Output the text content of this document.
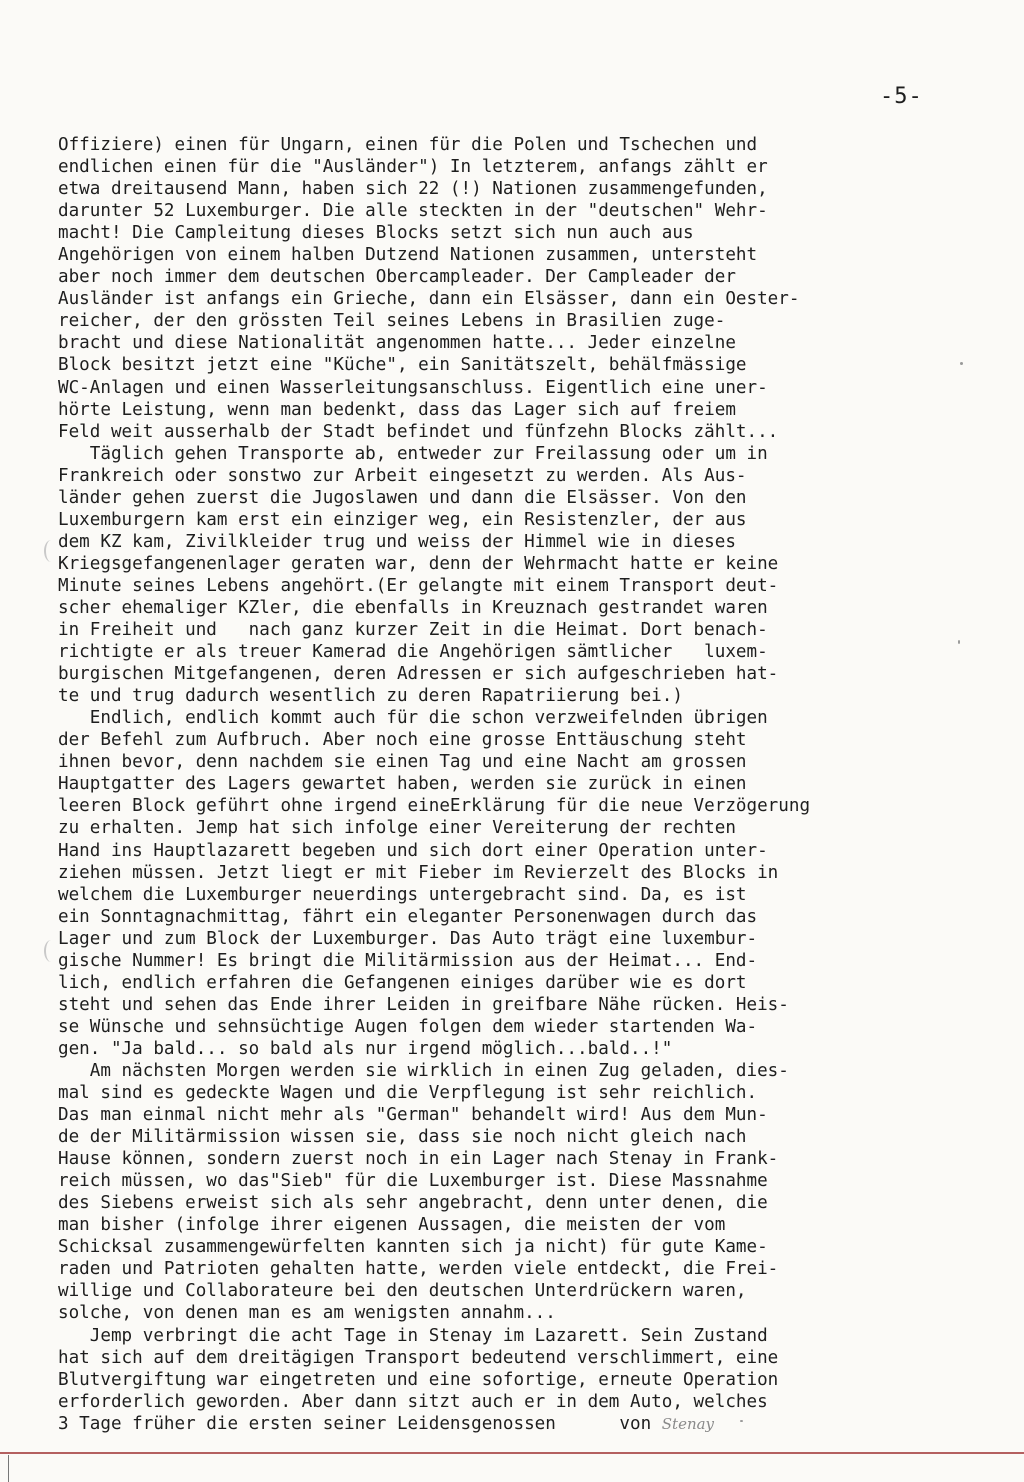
-5-
Offiziere) einen für Ungarn, einen für die Polen und Tschechen und
endlichen einen für die "Ausländer") In letzterem, anfangs zählt er
etwa dreitausend Mann, haben sich 22 (!) Nationen zusammengefunden,
darunter 52 Luxemburger. Die alle steckten in der "deutschen" Wehr-
macht! Die Campleitung dieses Blocks setzt sich nun auch aus
Angehörigen von einem halben Dutzend Nationen zusammen, untersteht
aber noch immer dem deutschen Obercampleader. Der Campleader der
Ausländer ist anfangs ein Grieche, dann ein Elsässer, dann ein Oester-
reicher, der den grössten Teil seines Lebens in Brasilien zuge-
bracht und diese Nationalität angenommen hatte... Jeder einzelne
Block besitzt jetzt eine "Küche", ein Sanitätszelt, behälfmässige
WC-Anlagen und einen Wasserleitungsanschluss. Eigentlich eine uner-
hörte Leistung, wenn man bedenkt, dass das Lager sich auf freiem
Feld weit ausserhalb der Stadt befindet und fünfzehn Blocks zählt...
Täglich gehen Transporte ab, entweder zur Freilassung oder um in
Frankreich oder sonstwo zur Arbeit eingesetzt zu werden. Als Aus-
länder gehen zuerst die Jugoslawen und dann die Elsässer. Von den
Luxemburgern kam erst ein einziger weg, ein Resistenzler, der aus
dem KZ kam, Zivilkleider trug und weiss der Himmel wie in dieses
Kriegsgefangenenlager geraten war, denn der Wehrmacht hatte er keine
Minute seines Lebens angehört.(Er gelangte mit einem Transport deut-
scher ehemaliger KZler, die ebenfalls in Kreuznach gestrandet waren
in Freiheit und   nach ganz kurzer Zeit in die Heimat. Dort benach-
richtigte er als treuer Kamerad die Angehörigen sämtlicher   luxem-
burgischen Mitgefangenen, deren Adressen er sich aufgeschrieben hat-
te und trug dadurch wesentlich zu deren Rapatriierung bei.)
Endlich, endlich kommt auch für die schon verzweifelnden übrigen
der Befehl zum Aufbruch. Aber noch eine grosse Enttäuschung steht
ihnen bevor, denn nachdem sie einen Tag und eine Nacht am grossen
Hauptgatter des Lagers gewartet haben, werden sie zurück in einen
leeren Block geführt ohne irgend eineErklärung für die neue Verzögerung
zu erhalten. Jemp hat sich infolge einer Vereiterung der rechten
Hand ins Hauptlazarett begeben und sich dort einer Operation unter-
ziehen müssen. Jetzt liegt er mit Fieber im Revierzelt des Blocks in
welchem die Luxemburger neuerdings untergebracht sind. Da, es ist
ein Sonntagnachmittag, fährt ein eleganter Personenwagen durch das
Lager und zum Block der Luxemburger. Das Auto trägt eine luxembur-
gische Nummer! Es bringt die Militärmission aus der Heimat... End-
lich, endlich erfahren die Gefangenen einiges darüber wie es dort
steht und sehen das Ende ihrer Leiden in greifbare Nähe rücken. Heis-
se Wünsche und sehnsüchtige Augen folgen dem wieder startenden Wa-
gen. "Ja bald... so bald als nur irgend möglich...bald..!"
Am nächsten Morgen werden sie wirklich in einen Zug geladen, dies-
mal sind es gedeckte Wagen und die Verpflegung ist sehr reichlich.
Das man einmal nicht mehr als "German" behandelt wird! Aus dem Mun-
de der Militärmission wissen sie, dass sie noch nicht gleich nach
Hause können, sondern zuerst noch in ein Lager nach Stenay in Frank-
reich müssen, wo das"Sieb" für die Luxemburger ist. Diese Massnahme
des Siebens erweist sich als sehr angebracht, denn unter denen, die
man bisher (infolge ihrer eigenen Aussagen, die meisten der vom
Schicksal zusammengewürfelten kannten sich ja nicht) für gute Kame-
raden und Patrioten gehalten hatte, werden viele entdeckt, die Frei-
willige und Collaborateure bei den deutschen Unterdrückern waren,
solche, von denen man es am wenigsten annahm...
Jemp verbringt die acht Tage in Stenay im Lazarett. Sein Zustand
hat sich auf dem dreitägigen Transport bedeutend verschlimmert, eine
Blutvergiftung war eingetreten und eine sofortige, erneute Operation
erforderlich geworden. Aber dann sitzt auch er in dem Auto, welches
3 Tage früher die ersten seiner Leidensgenossen      von Stenay
